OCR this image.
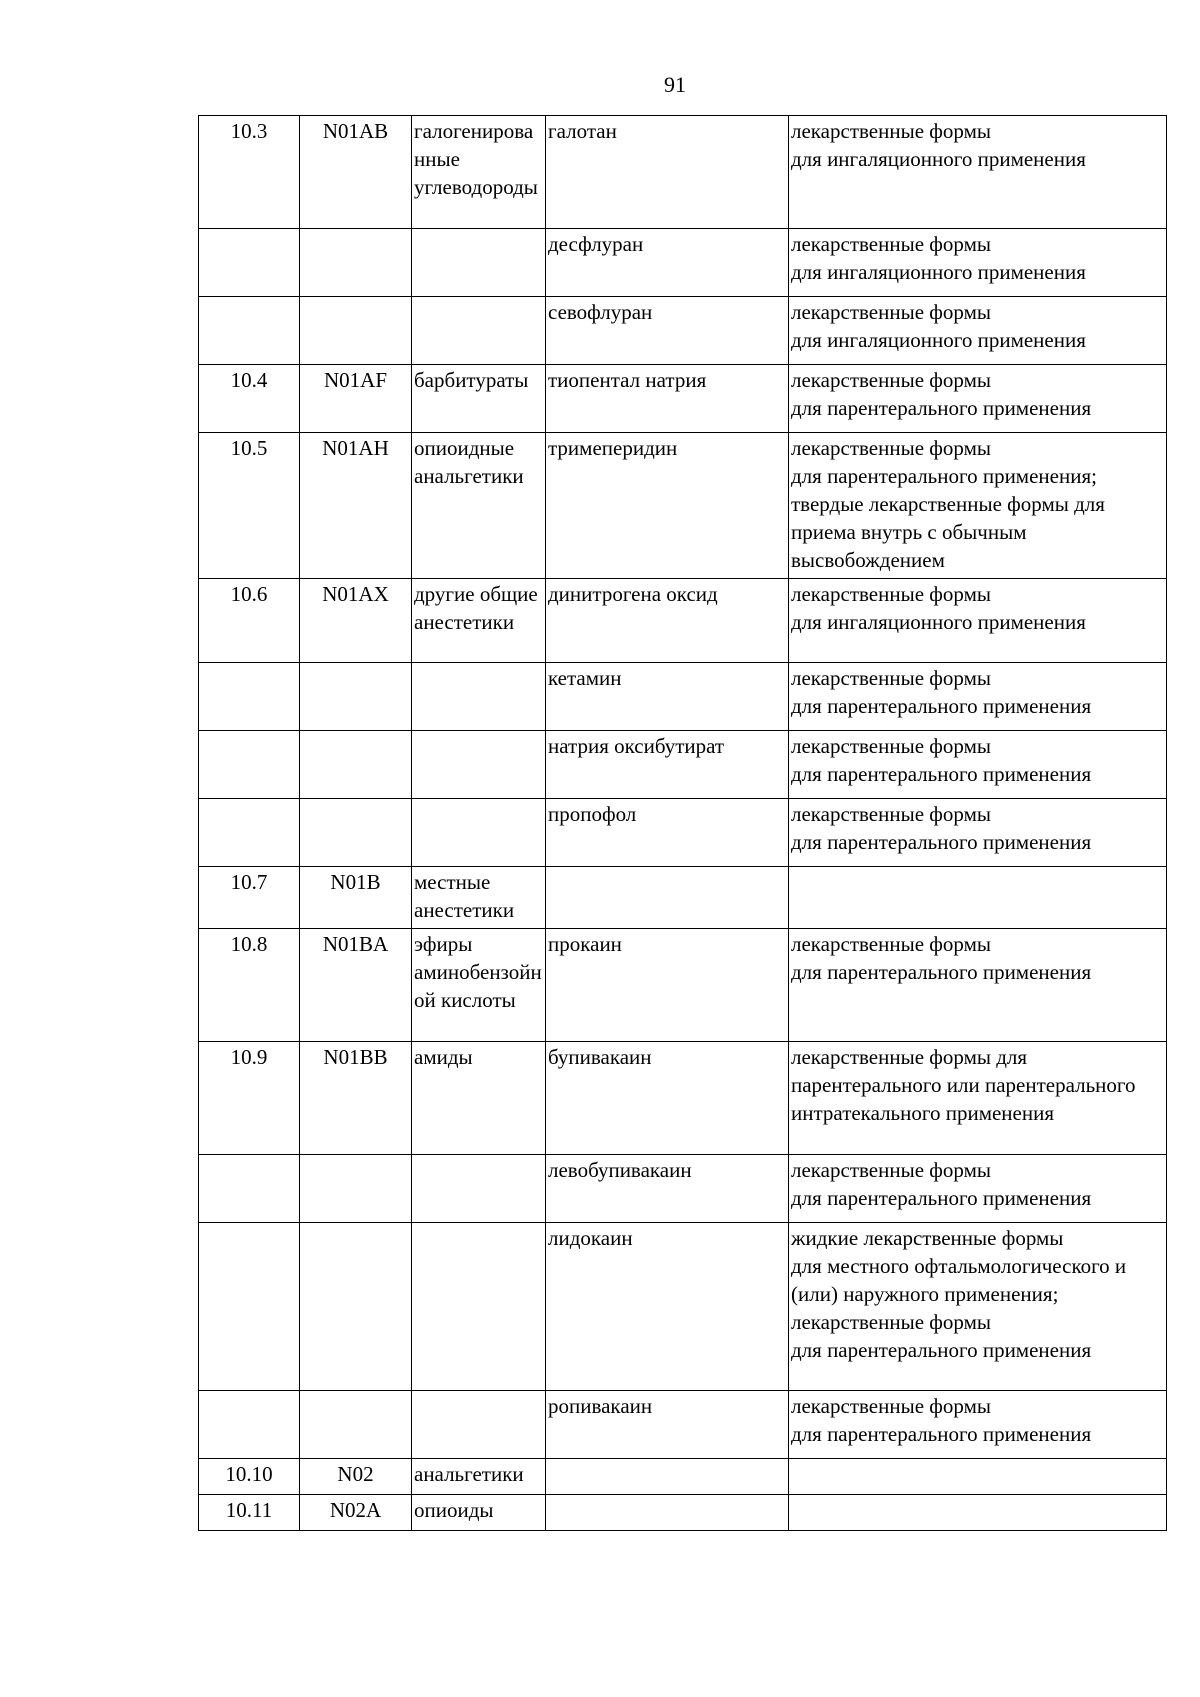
91
10.3	N01AB	галогенированные углеводороды	галотан	лекарственные формы
для ингаляционного применения

			десфлуран	лекарственные формы
для ингаляционного применения

			севофлуран	лекарственные формы
для ингаляционного применения

10.4	N01AF	барбитураты	тиопентал натрия	лекарственные формы
для парентерального применения

10.5	N01AH	опиоидные анальгетики	тримеперидин	лекарственные формы
для парентерального применения;
твердые лекарственные формы для приема внутрь с обычным высвобождением

10.6	N01AX	другие общие анестетики	динитрогена оксид	лекарственные формы
для ингаляционного применения

			кетамин	лекарственные формы
для парентерального применения

			натрия оксибутират	лекарственные формы
для парентерального применения

			пропофол	лекарственные формы
для парентерального применения

10.7	N01B	местные анестетики		
10.8	N01BA	эфиры аминобензойной кислоты	прокаин	лекарственные формы
для парентерального применения

10.9	N01BB	амиды	бупивакаин	лекарственные формы для парентерального или парентерального интратекального применения

			левобупивакаин	лекарственные формы
для парентерального применения

			лидокаин	жидкие лекарственные формы
для местного офтальмологического и (или) наружного применения;
лекарственные формы
для парентерального применения

			ропивакаин	лекарственные формы
для парентерального применения

10.10	N02	анальгетики		
10.11	N02A	опиоиды		
